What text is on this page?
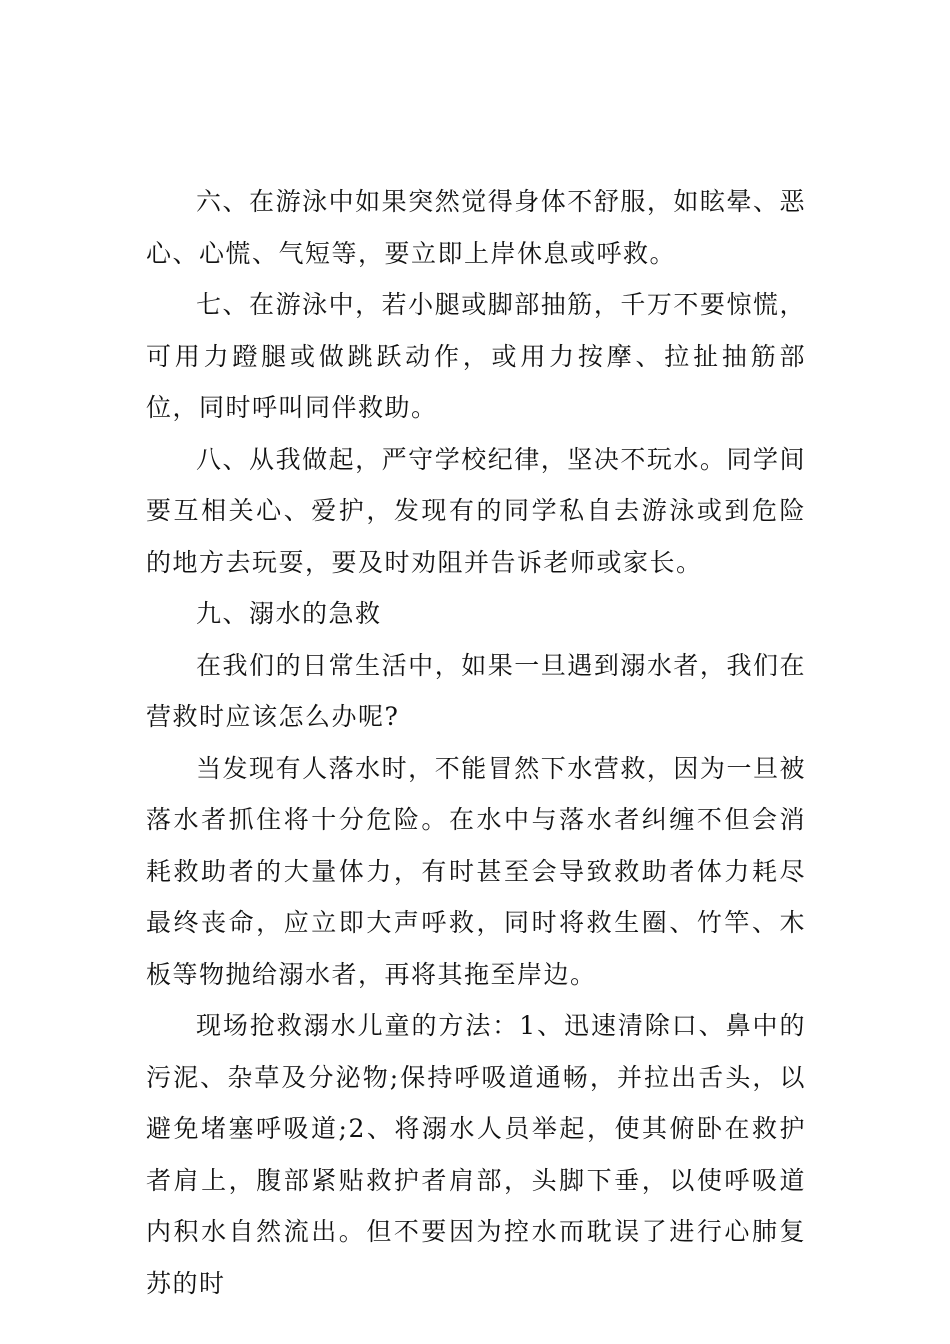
六、在游泳中如果突然觉得身体不舒服，如眩晕、恶心、心慌、气短等，要立即上岸休息或呼救。

七、在游泳中，若小腿或脚部抽筋，千万不要惊慌，可用力蹬腿或做跳跃动作，或用力按摩、拉扯抽筋部位，同时呼叫同伴救助。

八、从我做起，严守学校纪律，坚决不玩水。同学间要互相关心、爱护，发现有的同学私自去游泳或到危险的地方去玩耍，要及时劝阻并告诉老师或家长。

九、溺水的急救

在我们的日常生活中，如果一旦遇到溺水者，我们在营救时应该怎么办呢?

当发现有人落水时，不能冒然下水营救，因为一旦被落水者抓住将十分危险。在水中与落水者纠缠不但会消耗救助者的大量体力，有时甚至会导致救助者体力耗尽最终丧命，应立即大声呼救，同时将救生圈、竹竿、木板等物抛给溺水者，再将其拖至岸边。

现场抢救溺水儿童的方法：1、迅速清除口、鼻中的污泥、杂草及分泌物;保持呼吸道通畅，并拉出舌头，以避免堵塞呼吸道;2、将溺水人员举起，使其俯卧在救护者肩上，腹部紧贴救护者肩部，头脚下垂，以使呼吸道内积水自然流出。但不要因为控水而耽误了进行心肺复苏的时
